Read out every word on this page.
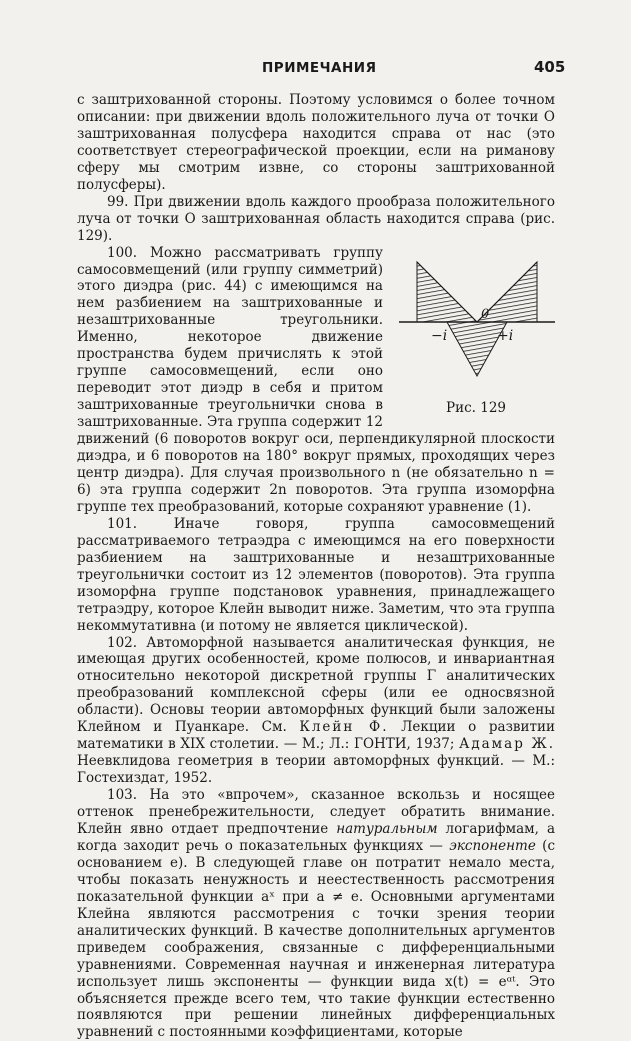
ПРИМЕЧАНИЯ	405

с заштрихованной стороны. Поэтому условимся о более точном описании: при движении вдоль положительного луча от точки O заштрихованная полусфера находится справа от нас (это соответствует стереографической проекции, если на риманову сферу мы смотрим извне, со стороны заштрихованной полусферы).

99. При движении вдоль каждого прообраза положительного луча от точки O заштрихованная область находится справа (рис. 129).

0
−i	+i
Рис. 129
100. Можно рассматривать группу самосовмещений (или группу симметрий) этого диэдра (рис. 44) с имеющимся на нем разбиением на заштрихованные и незаштрихованные треугольники. Именно, некоторое движение пространства будем причислять к этой группе самосовмещений, если оно переводит этот диэдр в себя и притом заштрихованные треугольнички снова в заштрихованные. Эта группа содержит 12 движений (6 поворотов вокруг оси, перпендикулярной плоскости диэдра, и 6 поворотов на 180° вокруг прямых, проходящих через центр диэдра). Для случая произвольного n (не обязательно n = 6) эта группа содержит 2n поворотов. Эта группа изоморфна группе тех преобразований, которые сохраняют уравнение (1).

101. Иначе говоря, группа самосовмещений рассматриваемого тетраэдра с имеющимся на его поверхности разбиением на заштрихованные и незаштрихованные треугольнички состоит из 12 элементов (поворотов). Эта группа изоморфна группе подстановок уравнения, принадлежащего тетраэдру, которое Клейн выводит ниже. Заметим, что эта группа некоммутативна (и потому не является циклической).

102. Автоморфной называется аналитическая функция, не имеющая других особенностей, кроме полюсов, и инвариантная относительно некоторой дискретной группы Γ аналитических преобразований комплексной сферы (или ее односвязной области). Основы теории автоморфных функций были заложены Клейном и Пуанкаре. См. Клейн Ф. Лекции о развитии математики в XIX столетии. — М.; Л.: ГОНТИ, 1937; Адамар Ж. Неевклидова геометрия в теории автоморфных функций. — М.: Гостехиздат, 1952.

103. На это «впрочем», сказанное вскользь и носящее оттенок пренебрежительности, следует обратить внимание. Клейн явно отдает предпочтение натуральным логарифмам, а когда заходит речь о показательных функциях — экспоненте (с основанием e). В следующей главе он потратит немало места, чтобы показать ненужность и неестественность рассмотрения показательной функции aˣ при a ≠ e. Основными аргументами Клейна являются рассмотрения с точки зрения теории аналитических функций. В качестве дополнительных аргументов приведем соображения, связанные с дифференциальными уравнениями. Современная научная и инженерная литература использует лишь экспоненты — функции вида x(t) = eᵅᵗ. Это объясняется прежде всего тем, что такие функции естественно появляются при решении линейных дифференциальных уравнений с постоянными коэффициентами, которые
